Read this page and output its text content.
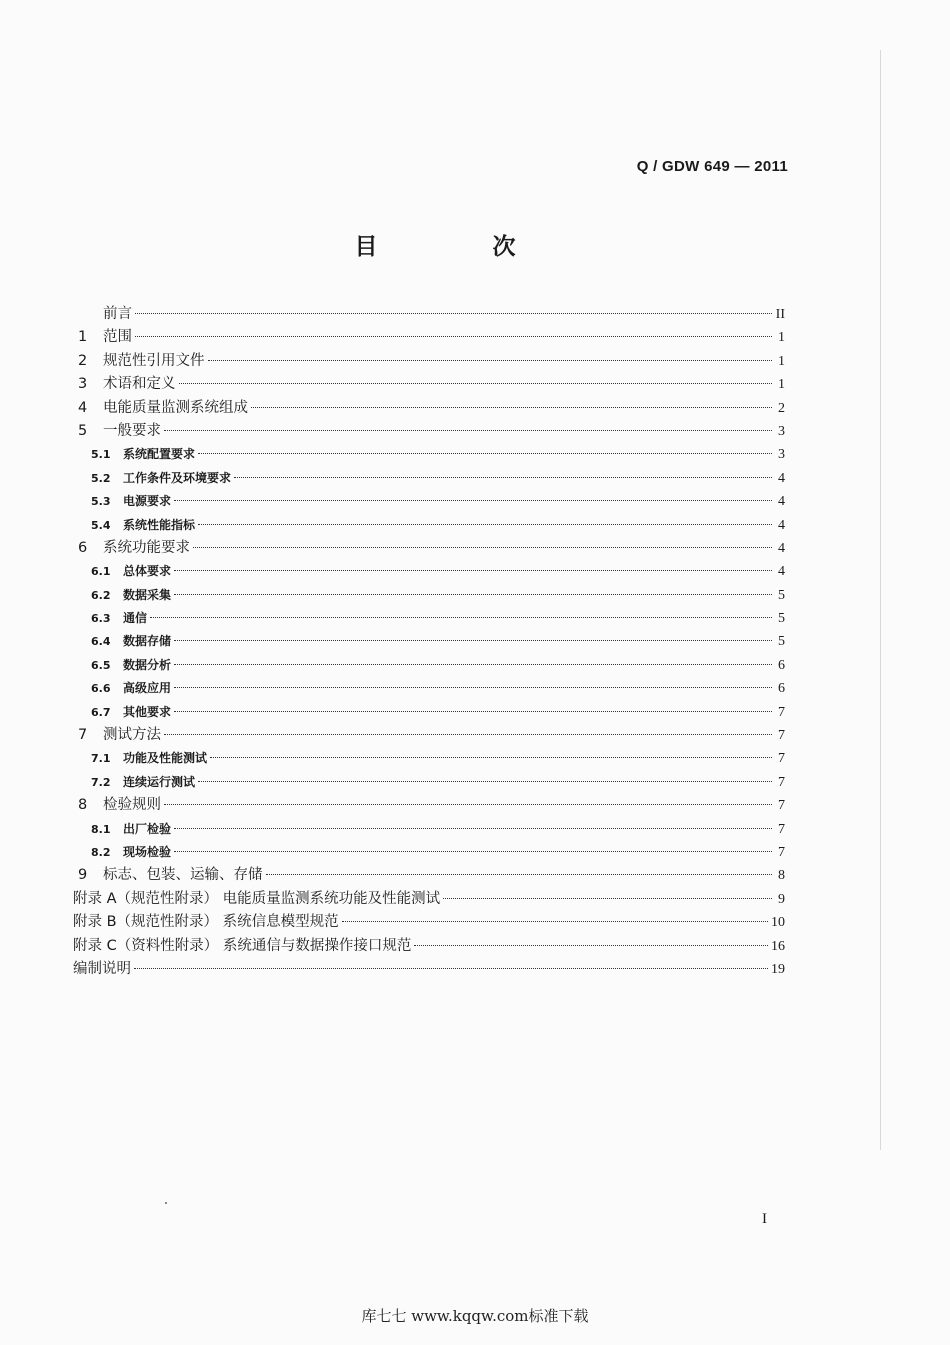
Q / GDW 649 — 2011
目　次
前言	II
1	范围	1
2	规范性引用文件	1
3	术语和定义	1
4	电能质量监测系统组成	2
5	一般要求	3
5.1	系统配置要求	3
5.2	工作条件及环境要求	4
5.3	电源要求	4
5.4	系统性能指标	4
6	系统功能要求	4
6.1	总体要求	4
6.2	数据采集	5
6.3	通信	5
6.4	数据存储	5
6.5	数据分析	6
6.6	高级应用	6
6.7	其他要求	7
7	测试方法	7
7.1	功能及性能测试	7
7.2	连续运行测试	7
8	检验规则	7
8.1	出厂检验	7
8.2	现场检验	7
9	标志、包装、运输、存储	8
附录 A（规范性附录） 电能质量监测系统功能及性能测试	9
附录 B（规范性附录） 系统信息模型规范	10
附录 C（资料性附录） 系统通信与数据操作接口规范	16
编制说明	19
I
库七七 www.kqqw.com标准下载
